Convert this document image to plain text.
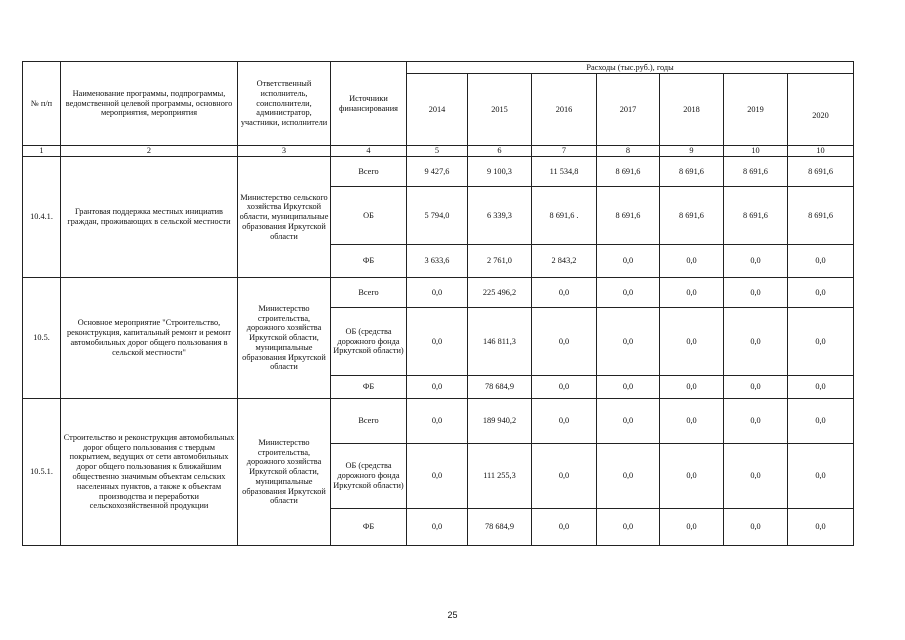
№ п/п	Наименование программы, подпрограммы, ведомственной целевой программы, основного мероприятия, мероприятия	Ответственный исполнитель, соисполнители, администратор, участники, исполнители	Источники финансирования	Расходы (тыс.руб.), годы						
				2014	2015	2016	2017	2018	2019	2020
1	2	3	4	5	6	7	8	9	10	10
10.4.1.	Грантовая поддержка местных инициатив граждан, проживающих в сельской местности	Министерство сельского хозяйства Иркутской области, муниципальные образования Иркутской области	Всего	9 427,6	9 100,3	11 534,8	8 691,6	8 691,6	8 691,6	8 691,6
			ОБ	5 794,0	6 339,3	8 691,6 .	8 691,6	8 691,6	8 691,6	8 691,6
			ФБ	3 633,6	2 761,0	2 843,2	0,0	0,0	0,0	0,0
10.5.	Основное мероприятие "Строительство, реконструкция, капитальный ремонт и ремонт автомобильных дорог общего пользования в сельской местности"	Министерство строительства, дорожного хозяйства Иркутской области, муниципальные образования Иркутской области	Всего	0,0	225 496,2	0,0	0,0	0,0	0,0	0,0
			ОБ (средства дорожного фонда Иркутской области)	0,0	146 811,3	0,0	0,0	0,0	0,0	0,0
			ФБ	0,0	78 684,9	0,0	0,0	0,0	0,0	0,0
10.5.1.	Строительство и реконструкция автомобильных дорог общего пользования с твердым покрытием, ведущих от сети автомобильных дорог общего пользования к ближайшим общественно значимым объектам сельских населенных пунктов, а также к объектам производства и переработки сельскохозяйственной продукции	Министерство строительства, дорожного хозяйства Иркутской области, муниципальные образования Иркутской области	Всего	0,0	189 940,2	0,0	0,0	0,0	0,0	0,0
			ОБ (средства дорожного фонда Иркутской области)	0,0	111 255,3	0,0	0,0	0,0	0,0	0,0
			ФБ	0,0	78 684,9	0,0	0,0	0,0	0,0	0,0
25
